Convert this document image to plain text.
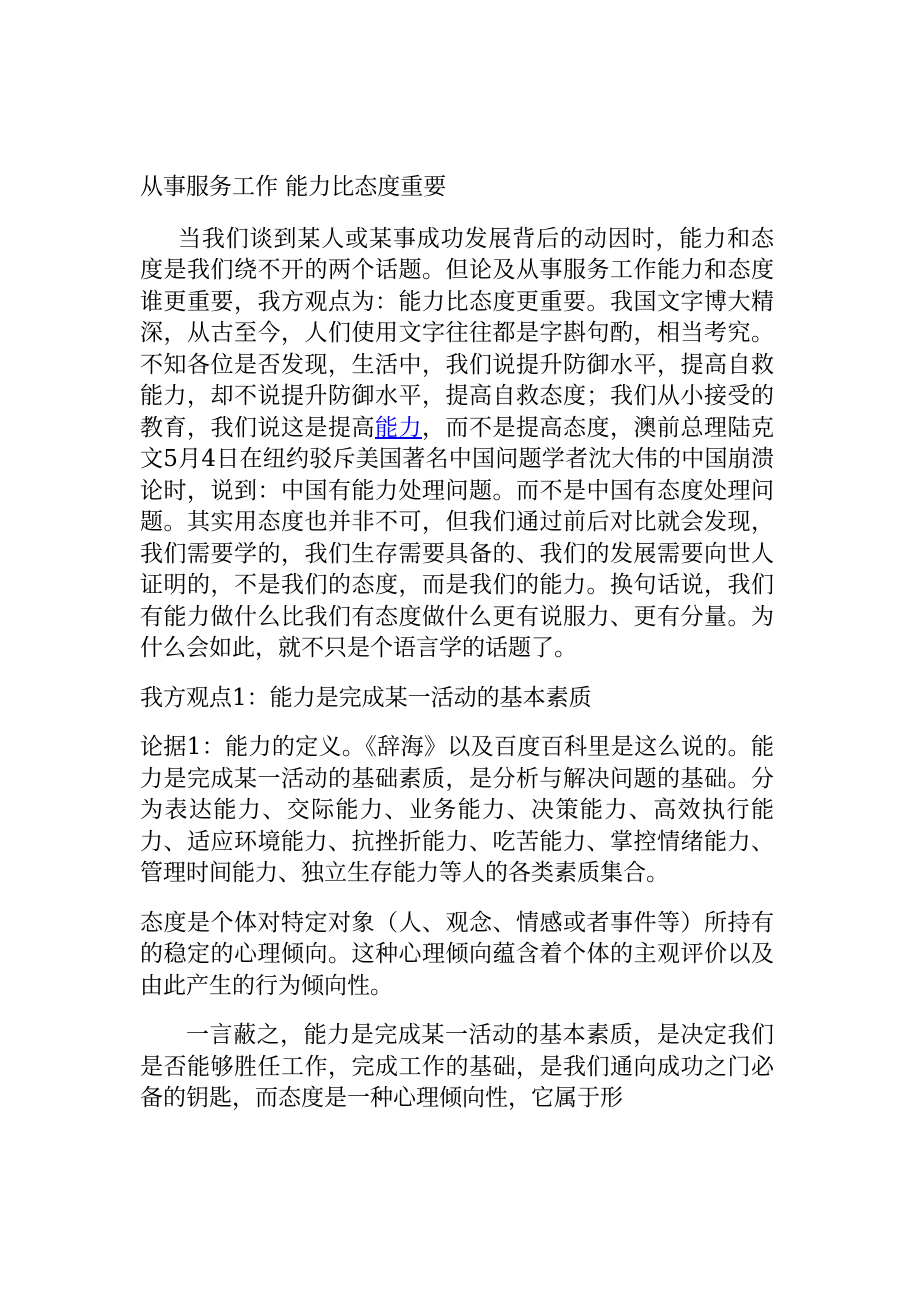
从事服务工作 能力比态度重要

当我们谈到某人或某事成功发展背后的动因时，能力和态度是我们绕不开的两个话题。但论及从事服务工作能力和态度谁更重要，我方观点为：能力比态度更重要。我国文字博大精深，从古至今，人们使用文字往往都是字斟句酌，相当考究。不知各位是否发现，生活中，我们说提升防御水平，提高自救能力，却不说提升防御水平，提高自救态度；我们从小接受的教育，我们说这是提高能力，而不是提高态度，澳前总理陆克文5月4日在纽约驳斥美国著名中国问题学者沈大伟的中国崩溃论时，说到：中国有能力处理问题。而不是中国有态度处理问题。其实用态度也并非不可，但我们通过前后对比就会发现，我们需要学的，我们生存需要具备的、我们的发展需要向世人证明的，不是我们的态度，而是我们的能力。换句话说，我们有能力做什么比我们有态度做什么更有说服力、更有分量。为什么会如此，就不只是个语言学的话题了。

我方观点1：能力是完成某一活动的基本素质

论据1：能力的定义。《辞海》以及百度百科里是这么说的。能力是完成某一活动的基础素质，是分析与解决问题的基础。分为表达能力、交际能力、业务能力、决策能力、高效执行能力、适应环境能力、抗挫折能力、吃苦能力、掌控情绪能力、管理时间能力、独立生存能力等人的各类素质集合。

态度是个体对特定对象（人、观念、情感或者事件等）所持有的稳定的心理倾向。这种心理倾向蕴含着个体的主观评价以及由此产生的行为倾向性。

一言蔽之，能力是完成某一活动的基本素质，是决定我们是否能够胜任工作，完成工作的基础，是我们通向成功之门必备的钥匙，而态度是一种心理倾向性，它属于形
